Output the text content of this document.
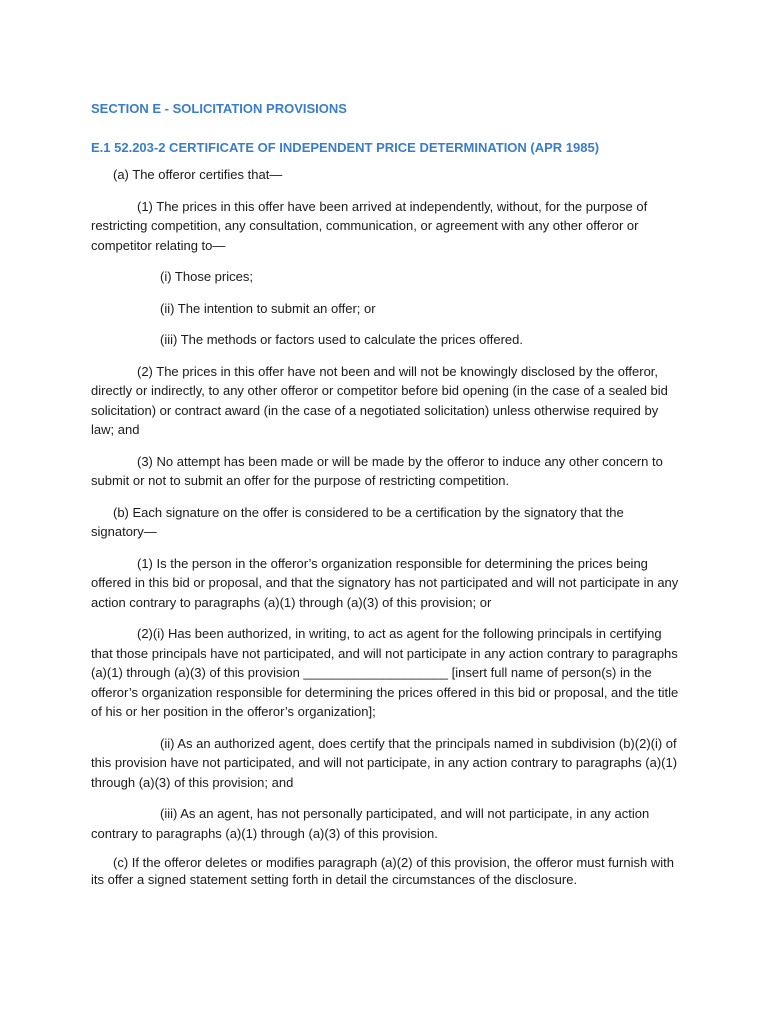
SECTION E - SOLICITATION PROVISIONS
E.1 52.203-2 CERTIFICATE OF INDEPENDENT PRICE DETERMINATION (APR 1985)

(a) The offeror certifies that—

(1) The prices in this offer have been arrived at independently, without, for the purpose of restricting competition, any consultation, communication, or agreement with any other offeror or competitor relating to—

(i) Those prices;

(ii) The intention to submit an offer; or

(iii) The methods or factors used to calculate the prices offered.

(2) The prices in this offer have not been and will not be knowingly disclosed by the offeror, directly or indirectly, to any other offeror or competitor before bid opening (in the case of a sealed bid solicitation) or contract award (in the case of a negotiated solicitation) unless otherwise required by law; and

(3) No attempt has been made or will be made by the offeror to induce any other concern to submit or not to submit an offer for the purpose of restricting competition.

(b) Each signature on the offer is considered to be a certification by the signatory that the signatory—

(1) Is the person in the offeror’s organization responsible for determining the prices being offered in this bid or proposal, and that the signatory has not participated and will not participate in any action contrary to paragraphs (a)(1) through (a)(3) of this provision; or

(2)(i) Has been authorized, in writing, to act as agent for the following principals in certifying that those principals have not participated, and will not participate in any action contrary to paragraphs (a)(1) through (a)(3) of this provision ____________________ [insert full name of person(s) in the offeror’s organization responsible for determining the prices offered in this bid or proposal, and the title of his or her position in the offeror’s organization];

(ii) As an authorized agent, does certify that the principals named in subdivision (b)(2)(i) of this provision have not participated, and will not participate, in any action contrary to paragraphs (a)(1) through (a)(3) of this provision; and

(iii) As an agent, has not personally participated, and will not participate, in any action contrary to paragraphs (a)(1) through (a)(3) of this provision.

(c) If the offeror deletes or modifies paragraph (a)(2) of this provision, the offeror must furnish with its offer a signed statement setting forth in detail the circumstances of the disclosure.
